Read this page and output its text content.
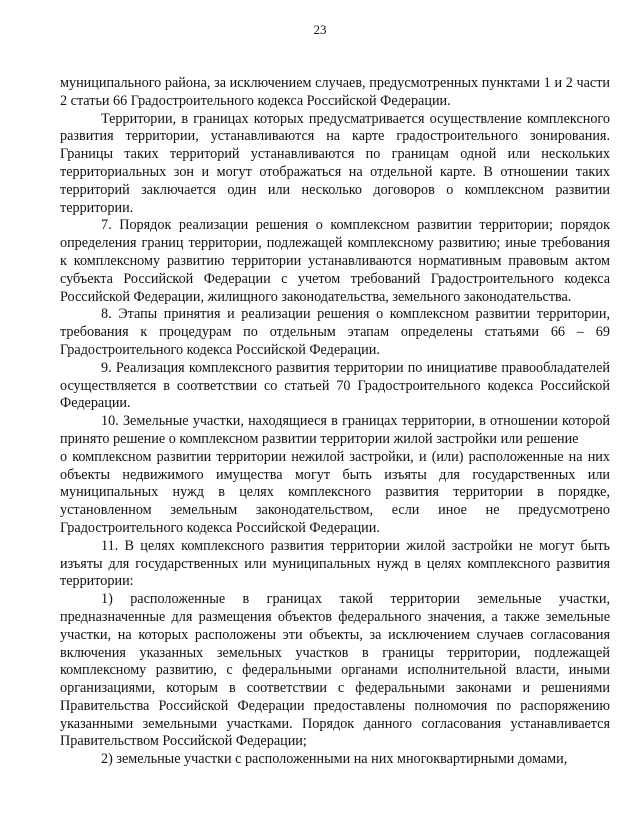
23

муниципального района, за исключением случаев, предусмотренных пунктами 1 и 2 части 2 статьи 66 Градостроительного кодекса Российской Федерации.

Территории, в границах которых предусматривается осуществление комплексного развития территории, устанавливаются на карте градостроительного зонирования. Границы таких территорий устанавливаются по границам одной или нескольких территориальных зон и могут отображаться на отдельной карте. В отношении таких территорий заключается один или несколько договоров о комплексном развитии территории.

7. Порядок реализации решения о комплексном развитии территории; порядок определения границ территории, подлежащей комплексному развитию; иные требования к комплексному развитию территории устанавливаются нормативным правовым актом субъекта Российской Федерации с учетом требований Градостроительного кодекса Российской Федерации, жилищного законодательства, земельного законодательства.

8. Этапы принятия и реализации решения о комплексном развитии территории, требования к процедурам по отдельным этапам определены статьями 66 – 69 Градостроительного кодекса Российской Федерации.

9. Реализация комплексного развития территории по инициативе правообладателей осуществляется в соответствии со статьей 70 Градостроительного кодекса Российской Федерации.

10. Земельные участки, находящиеся в границах территории, в отношении которой принято решение о комплексном развитии территории жилой застройки или решение

о комплексном развитии территории нежилой застройки, и (или) расположенные на них объекты недвижимого имущества могут быть изъяты для государственных или муниципальных нужд в целях комплексного развития территории в порядке, установленном земельным законодательством, если иное не предусмотрено Градостроительного кодекса Российской Федерации.

11. В целях комплексного развития территории жилой застройки не могут быть изъяты для государственных или муниципальных нужд в целях комплексного развития территории:

1) расположенные в границах такой территории земельные участки, предназначенные для размещения объектов федерального значения, а также земельные участки, на которых расположены эти объекты, за исключением случаев согласования включения указанных земельных участков в границы территории, подлежащей комплексному развитию, с федеральными органами исполнительной власти, иными организациями, которым в соответствии с федеральными законами и решениями Правительства Российской Федерации предоставлены полномочия по распоряжению указанными земельными участками. Порядок данного согласования устанавливается Правительством Российской Федерации;

2) земельные участки с расположенными на них многоквартирными домами,
